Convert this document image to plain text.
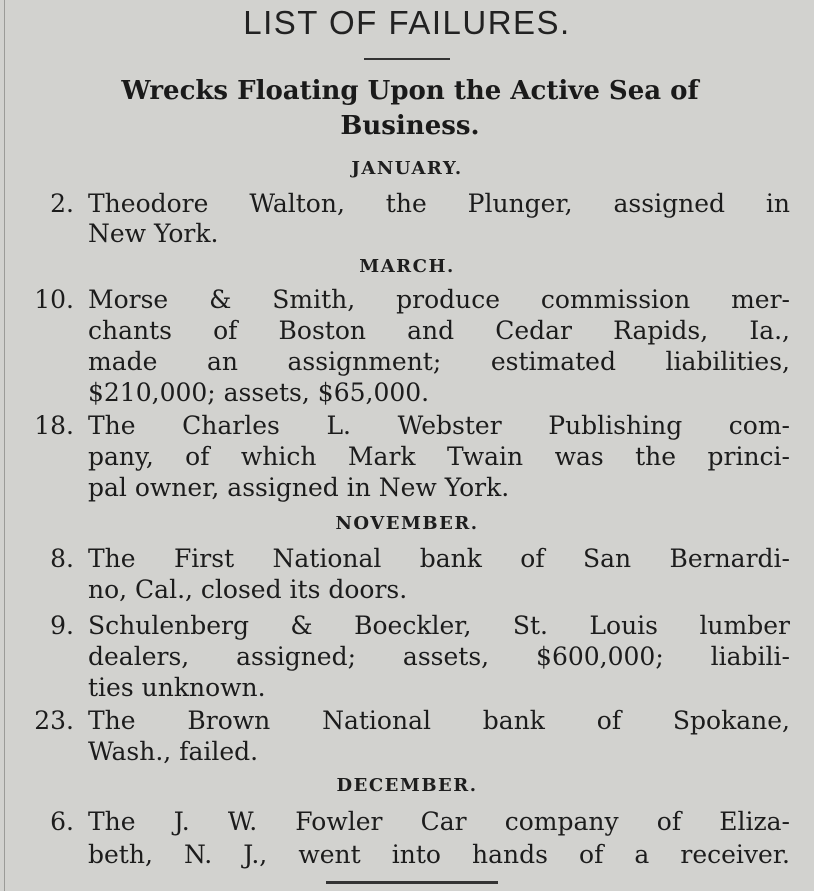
LIST OF FAILURES.
Wrecks Floating Upon the Active Sea of
Business.
JANUARY.
2. Theodore Walton, the Plunger, assigned in
New York.
MARCH.
10. Morse & Smith, produce commission mer-
chants of Boston and Cedar Rapids, Ia.,
made an assignment; estimated liabilities,
$210,000; assets, $65,000.
18. The Charles L. Webster Publishing com-
pany, of which Mark Twain was the princi-
pal owner, assigned in New York.
NOVEMBER.
8. The First National bank of San Bernardi-
no, Cal., closed its doors.
9. Schulenberg & Boeckler, St. Louis lumber
dealers, assigned; assets, $600,000; liabili-
ties unknown.
23. The Brown National bank of Spokane,
Wash., failed.
DECEMBER.
6. The J. W. Fowler Car company of Eliza-
beth, N. J., went into hands of a receiver.
